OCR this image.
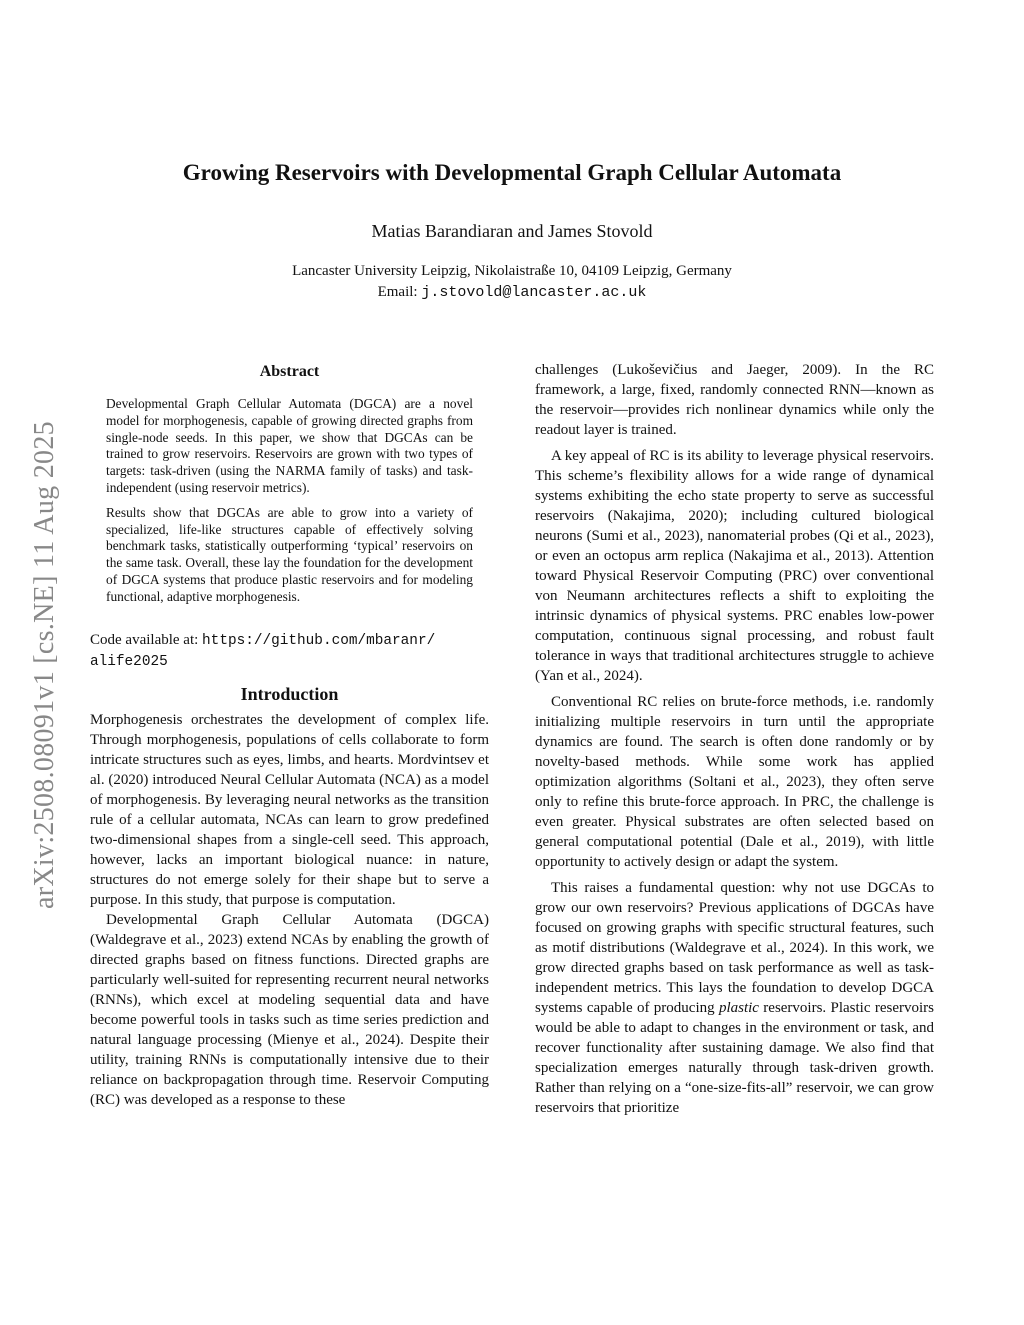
arXiv:2508.08091v1 [cs.NE] 11 Aug 2025
Growing Reservoirs with Developmental Graph Cellular Automata
Matias Barandiaran and James Stovold
Lancaster University Leipzig, Nikolaistraße 10, 04109 Leipzig, Germany
Email: j.stovold@lancaster.ac.uk
Abstract

Developmental Graph Cellular Automata (DGCA) are a novel model for morphogenesis, capable of growing directed graphs from single-node seeds. In this paper, we show that DGCAs can be trained to grow reservoirs. Reservoirs are grown with two types of targets: task-driven (using the NARMA family of tasks) and task-independent (using reservoir metrics).

Results show that DGCAs are able to grow into a variety of specialized, life-like structures capable of effectively solving benchmark tasks, statistically outperforming ‘typical’ reservoirs on the same task. Overall, these lay the foundation for the development of DGCA systems that produce plastic reservoirs and for modeling functional, adaptive morphogenesis.

Code available at: https://github.com/mbaranr/
alife2025
Introduction

Morphogenesis orchestrates the development of complex life. Through morphogenesis, populations of cells collaborate to form intricate structures such as eyes, limbs, and hearts. Mordvintsev et al. (2020) introduced Neural Cellular Automata (NCA) as a model of morphogenesis. By leveraging neural networks as the transition rule of a cellular automata, NCAs can learn to grow predefined two-dimensional shapes from a single-cell seed. This approach, however, lacks an important biological nuance: in nature, structures do not emerge solely for their shape but to serve a purpose. In this study, that purpose is computation.

Developmental Graph Cellular Automata (DGCA) (Waldegrave et al., 2023) extend NCAs by enabling the growth of directed graphs based on fitness functions. Directed graphs are particularly well-suited for representing recurrent neural networks (RNNs), which excel at modeling sequential data and have become powerful tools in tasks such as time series prediction and natural language processing (Mienye et al., 2024). Despite their utility, training RNNs is computationally intensive due to their reliance on backpropagation through time. Reservoir Computing (RC) was developed as a response to these

challenges (Lukoševičius and Jaeger, 2009). In the RC framework, a large, fixed, randomly connected RNN—known as the reservoir—provides rich nonlinear dynamics while only the readout layer is trained.

A key appeal of RC is its ability to leverage physical reservoirs. This scheme’s flexibility allows for a wide range of dynamical systems exhibiting the echo state property to serve as successful reservoirs (Nakajima, 2020); including cultured biological neurons (Sumi et al., 2023), nanomaterial probes (Qi et al., 2023), or even an octopus arm replica (Nakajima et al., 2013). Attention toward Physical Reservoir Computing (PRC) over conventional von Neumann architectures reflects a shift to exploiting the intrinsic dynamics of physical systems. PRC enables low-power computation, continuous signal processing, and robust fault tolerance in ways that traditional architectures struggle to achieve (Yan et al., 2024).

Conventional RC relies on brute-force methods, i.e. randomly initializing multiple reservoirs in turn until the appropriate dynamics are found. The search is often done randomly or by novelty-based methods. While some work has applied optimization algorithms (Soltani et al., 2023), they often serve only to refine this brute-force approach. In PRC, the challenge is even greater. Physical substrates are often selected based on general computational potential (Dale et al., 2019), with little opportunity to actively design or adapt the system.

This raises a fundamental question: why not use DGCAs to grow our own reservoirs? Previous applications of DGCAs have focused on growing graphs with specific structural features, such as motif distributions (Waldegrave et al., 2024). In this work, we grow directed graphs based on task performance as well as task-independent metrics. This lays the foundation to develop DGCA systems capable of producing plastic reservoirs. Plastic reservoirs would be able to adapt to changes in the environment or task, and recover functionality after sustaining damage. We also find that specialization emerges naturally through task-driven growth. Rather than relying on a “one-size-fits-all” reservoir, we can grow reservoirs that prioritize
